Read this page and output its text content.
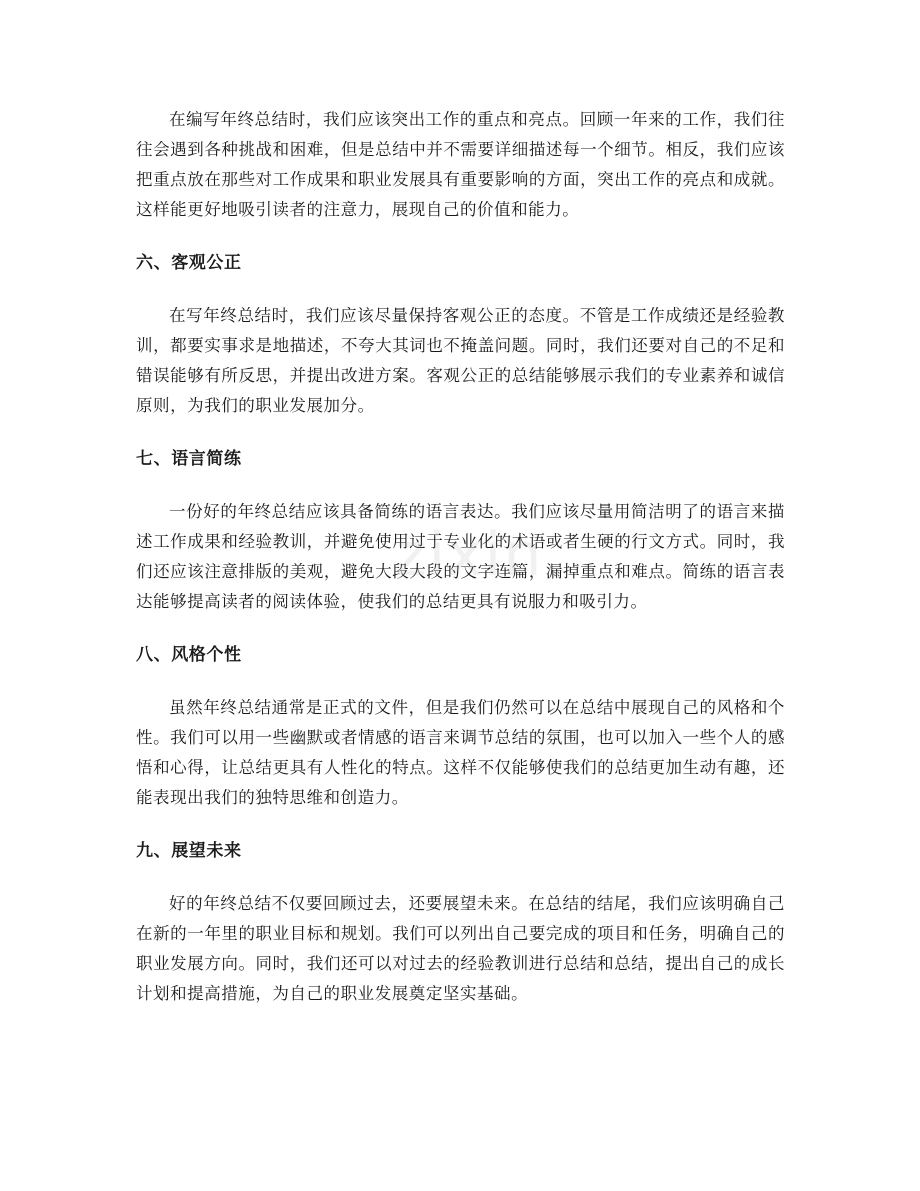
zixin

在编写年终总结时，我们应该突出工作的重点和亮点。回顾一年来的工作，我们往往会遇到各种挑战和困难，但是总结中并不需要详细描述每一个细节。相反，我们应该把重点放在那些对工作成果和职业发展具有重要影响的方面，突出工作的亮点和成就。这样能更好地吸引读者的注意力，展现自己的价值和能力。

六、客观公正

在写年终总结时，我们应该尽量保持客观公正的态度。不管是工作成绩还是经验教训，都要实事求是地描述，不夸大其词也不掩盖问题。同时，我们还要对自己的不足和错误能够有所反思，并提出改进方案。客观公正的总结能够展示我们的专业素养和诚信原则，为我们的职业发展加分。

七、语言简练

一份好的年终总结应该具备简练的语言表达。我们应该尽量用简洁明了的语言来描述工作成果和经验教训，并避免使用过于专业化的术语或者生硬的行文方式。同时，我们还应该注意排版的美观，避免大段大段的文字连篇，漏掉重点和难点。简练的语言表达能够提高读者的阅读体验，使我们的总结更具有说服力和吸引力。

八、风格个性

虽然年终总结通常是正式的文件，但是我们仍然可以在总结中展现自己的风格和个性。我们可以用一些幽默或者情感的语言来调节总结的氛围，也可以加入一些个人的感悟和心得，让总结更具有人性化的特点。这样不仅能够使我们的总结更加生动有趣，还能表现出我们的独特思维和创造力。

九、展望未来

好的年终总结不仅要回顾过去，还要展望未来。在总结的结尾，我们应该明确自己在新的一年里的职业目标和规划。我们可以列出自己要完成的项目和任务，明确自己的职业发展方向。同时，我们还可以对过去的经验教训进行总结和总结，提出自己的成长计划和提高措施，为自己的职业发展奠定坚实基础。
